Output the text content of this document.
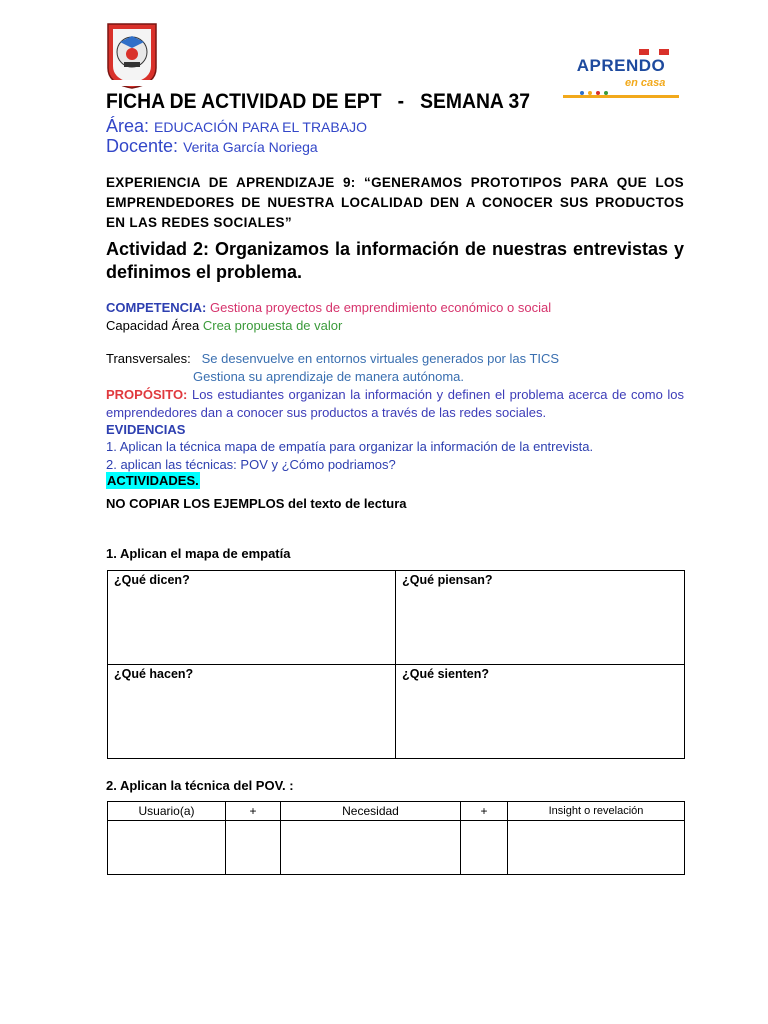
APRENDO
en casa
FICHA DE ACTIVIDAD DE EPT   -   SEMANA 37
Área: EDUCACIÓN PARA EL TRABAJO
Docente: Verita García Noriega
EXPERIENCIA DE APRENDIZAJE 9: “GENERAMOS PROTOTIPOS PARA QUE LOS EMPRENDEDORES DE NUESTRA LOCALIDAD DEN A CONOCER SUS PRODUCTOS EN LAS REDES SOCIALES”
Actividad 2: Organizamos la información de nuestras entrevistas y definimos el problema.
COMPETENCIA: Gestiona proyectos de emprendimiento económico o social
Capacidad Área Crea propuesta de valor
Transversales: Se desenvuelve en entornos virtuales generados por las TICS
Gestiona su aprendizaje de manera autónoma.
PROPÓSITO: Los estudiantes organizan la información y definen el problema acerca de como los emprendedores dan a conocer sus productos a través de las redes sociales.
EVIDENCIAS
1. Aplican la técnica mapa de empatía para organizar la información de la entrevista.
2. aplican las técnicas: POV y ¿Cómo podriamos?
ACTIVIDADES.
NO COPIAR LOS EJEMPLOS del texto de lectura
1. Aplican el mapa de empatía
¿Qué dicen?	¿Qué piensan?
¿Qué hacen?	¿Qué sienten?
2. Aplican la técnica del POV. :
Usuario(a)	+	Necesidad	+	Insight o revelación
